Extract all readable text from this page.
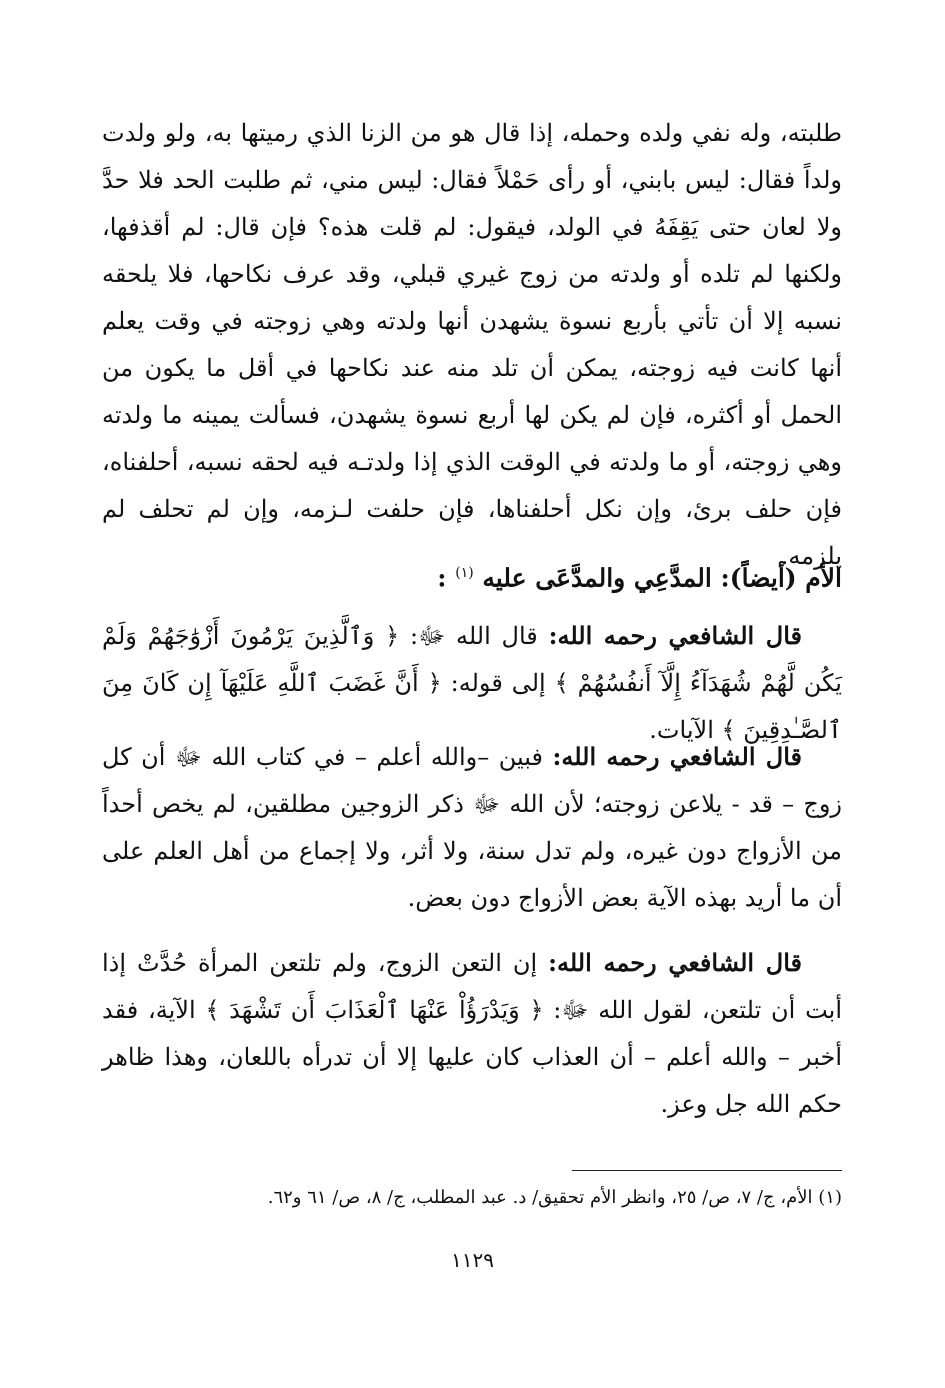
طلبته، وله نفي ولده وحمله، إذا قال هو من الزنا الذي رميتها به، ولو ولدت ولداً فقال: ليس بابني، أو رأى حَمْلاً فقال: ليس مني، ثم طلبت الحد فلا حدَّ ولا لعان حتى يَقِفَهُ في الولد، فيقول: لم قلت هذه؟ فإن قال: لم أقذفها، ولكنها لم تلده أو ولدته من زوج غيري قبلي، وقد عرف نكاحها، فلا يلحقه نسبه إلا أن تأتي بأربع نسوة يشهدن أنها ولدته وهي زوجته في وقت يعلم أنها كانت فيه زوجته، يمكن أن تلد منه عند نكاحها في أقل ما يكون من الحمل أو أكثره، فإن لم يكن لها أربع نسوة يشهدن، فسألت يمينه ما ولدته وهي زوجته، أو ما ولدته في الوقت الذي إذا ولدتـه فيه لحقه نسبه، أحلفناه، فإن حلف برئ، وإن نكل أحلفناها، فإن حلفت لـزمه، وإن لم تحلف لم يلزمه.
الأم (أيضاً): المدَّعِي والمدَّعَى عليه $^{(١)}$ :
قال الشافعي رحمه الله: قال الله ﷻ: ﴿ وَٱلَّذِينَ يَرْمُونَ أَزْوَٰجَهُمْ وَلَمْ يَكُن لَّهُمْ شُهَدَآءُ إِلَّآ أَنفُسُهُمْ ﴾ إلى قوله: ﴿ أَنَّ غَضَبَ ٱللَّهِ عَلَيْهَآ إِن كَانَ مِنَ ٱلصَّـٰدِقِينَ ﴾ الآيات.
قال الشافعي رحمه الله: فبين –والله أعلم – في كتاب الله ﷻ أن كل زوج – قد - يلاعن زوجته؛ لأن الله ﷻ ذكر الزوجين مطلقين، لم يخص أحداً من الأزواج دون غيره، ولم تدل سنة، ولا أثر، ولا إجماع من أهل العلم على أن ما أريد بهذه الآية بعض الأزواج دون بعض.
قال الشافعي رحمه الله: إن التعن الزوج، ولم تلتعن المرأة حُدَّتْ إذا أبت أن تلتعن، لقول الله ﷻ: ﴿ وَيَدْرَؤُاْ عَنْهَا ٱلْعَذَابَ أَن تَشْهَدَ ﴾ الآية، فقد أخبر – والله أعلم – أن العذاب كان عليها إلا أن تدرأه باللعان، وهذا ظاهر حكم الله جل وعز.
(١) الأم، ج/ ٧، ص/ ٢٥، وانظر الأم تحقيق/ د. عبد المطلب، ج/ ٨، ص/ ٦١ و٦٢.
١١٢٩
